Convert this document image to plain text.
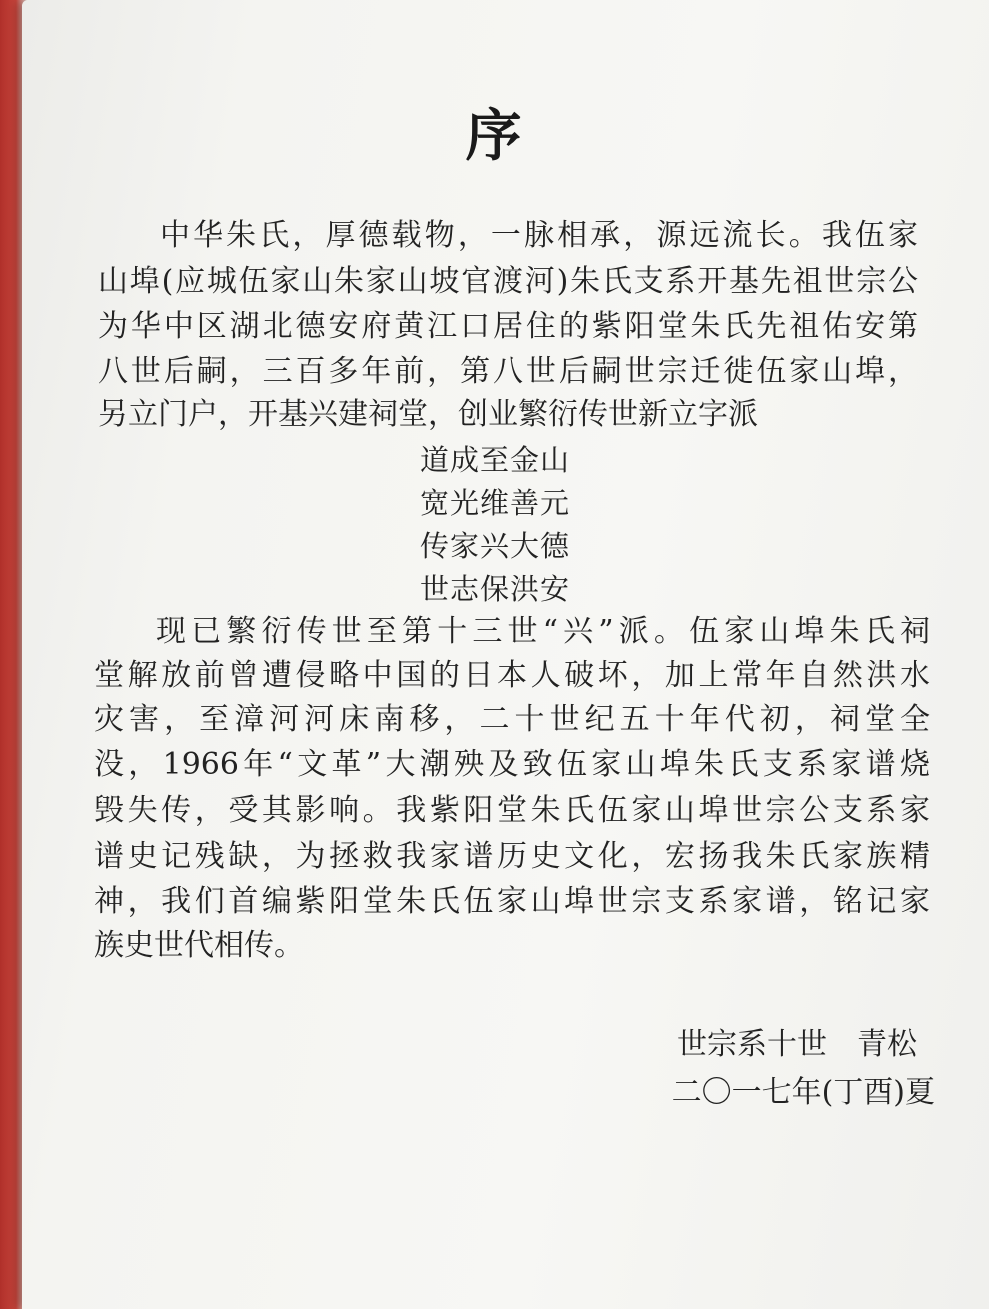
序

中华朱氏，厚德载物，一脉相承，源远流长。我伍家

山埠(应城伍家山朱家山坡官渡河)朱氏支系开基先祖世宗公

为华中区湖北德安府黄江口居住的紫阳堂朱氏先祖佑安第

八世后嗣，三百多年前，第八世后嗣世宗迁徙伍家山埠，

另立门户，开基兴建祠堂，创业繁衍传世新立字派

道成至金山
宽光维善元
传家兴大德
世志保洪安

现已繁衍传世至第十三世“兴”派。伍家山埠朱氏祠

堂解放前曾遭侵略中国的日本人破坏，加上常年自然洪水

灾害，至漳河河床南移，二十世纪五十年代初，祠堂全

没，1966年“文革”大潮殃及致伍家山埠朱氏支系家谱烧

毁失传，受其影响。我紫阳堂朱氏伍家山埠世宗公支系家

谱史记残缺，为拯救我家谱历史文化，宏扬我朱氏家族精

神，我们首编紫阳堂朱氏伍家山埠世宗支系家谱，铭记家

族史世代相传。

世宗系十世　青松
二〇一七年(丁酉)夏
